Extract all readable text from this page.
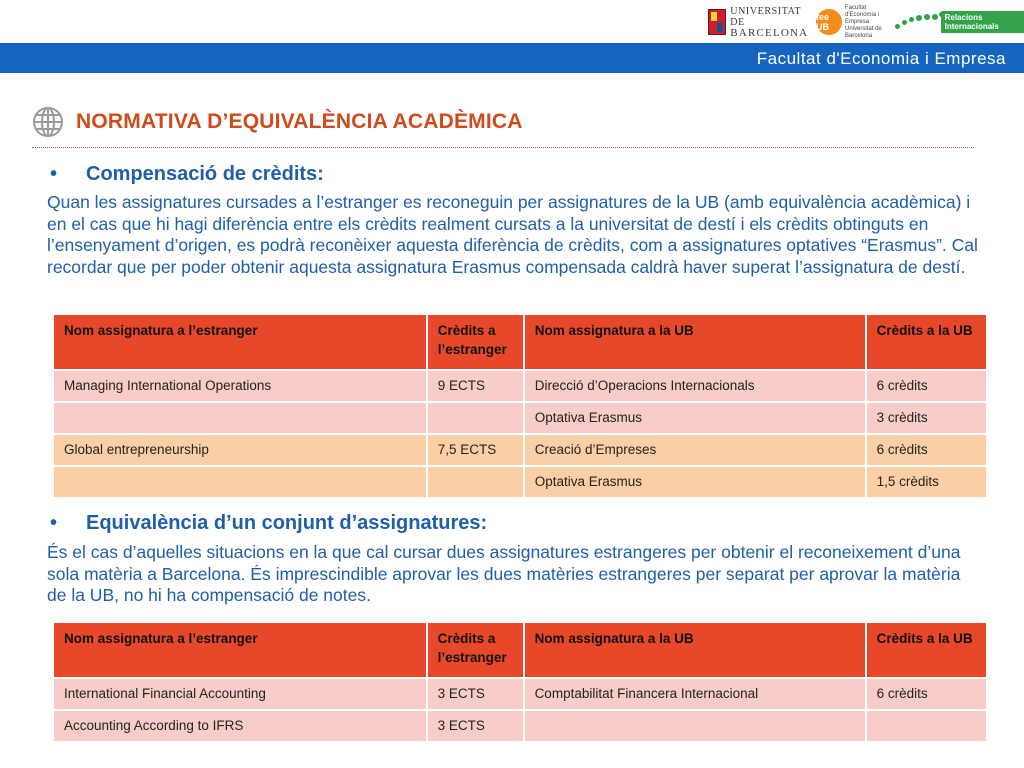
UNIVERSITAT DE
BARCELONA
fee UB
Facultat d'Economia i Empresa Universitat de Barcelona
Relacions Internacionals
Facultat d'Economia i Empresa
NORMATIVA D’EQUIVALÈNCIA ACADÈMICA
• Compensació de crèdits:
Quan les assignatures cursades a l’estranger es reconeguin per assignatures de la UB (amb equivalència acadèmica) i en el cas que hi hagi diferència entre els crèdits realment cursats a la universitat de destí i els crèdits obtinguts en l’ensenyament d’origen, es podrà reconèixer aquesta diferència de crèdits, com a assignatures optatives “Erasmus”. Cal recordar que per poder obtenir aquesta assignatura Erasmus compensada caldrà haver superat l’assignatura de destí.
Nom assignatura a l’estranger	Crèdits a l’estranger	Nom assignatura a la UB	Crèdits a la UB
Managing International Operations	9 ECTS	Direcció d’Operacions Internacionals	6 crèdits
		Optativa Erasmus	3 crèdits
Global entrepreneurship	7,5 ECTS	Creació d’Empreses	6 crèdits
		Optativa Erasmus	1,5 crèdits
• Equivalència d’un conjunt d’assignatures:
És el cas d’aquelles situacions en la que cal cursar dues assignatures estrangeres per obtenir el reconeixement d’una sola matèria a Barcelona. És imprescindible aprovar les dues matèries estrangeres per separat per aprovar la matèria de la UB, no hi ha compensació de notes.
Nom assignatura a l’estranger	Crèdits a l’estranger	Nom assignatura a la UB	Crèdits a la UB
International Financial Accounting	3 ECTS	Comptabilitat Financera Internacional	6 crèdits
Accounting According to IFRS	3 ECTS		
